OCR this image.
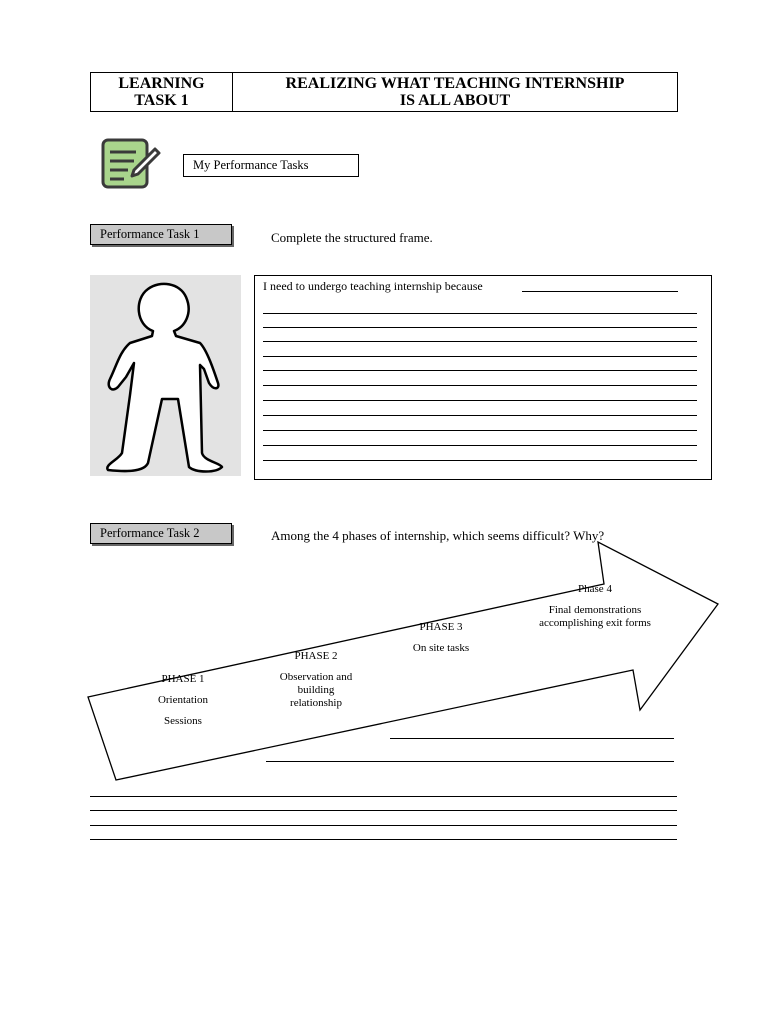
LEARNING
TASK 1
REALIZING WHAT TEACHING INTERNSHIP
IS ALL ABOUT
My Performance Tasks
Performance Task 1	Complete the structured frame.
I need to undergo teaching internship because
Performance Task 2	Among the 4 phases of internship, which seems difficult? Why?
PHASE 1
Orientation
Sessions
PHASE 2
Observation and
building
relationship
PHASE 3
On site tasks
Phase 4
Final demonstrations
accomplishing exit forms
